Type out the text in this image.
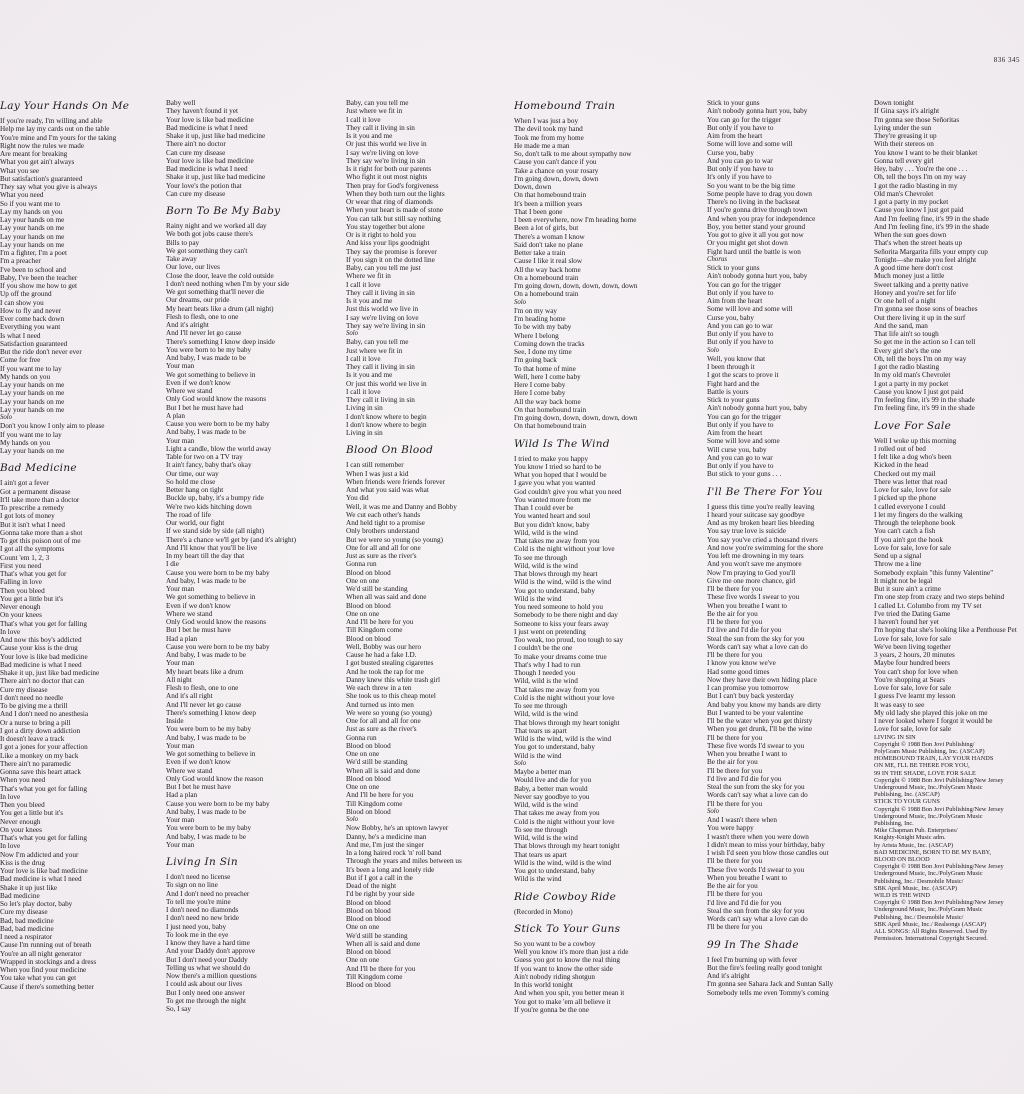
836 345
Lay Your Hands On Me
If you're ready, I'm willing and able
Help me lay my cards out on the table
You're mine and I'm yours for the taking
Right now the rules we made
Are meant for breaking
What you get ain't always
What you see
But satisfaction's guaranteed
They say what you give is always
What you need
So if you want me to
Lay my hands on you
Lay your hands on me
Lay your hands on me
Lay your hands on me
Lay your hands on me
I'm a fighter, I'm a poet
I'm a preacher
I've been to school and
Baby, I've been the teacher
If you show me how to get
Up off the ground
I can show you
How to fly and never
Ever come back down
Everything you want
Is what I need
Satisfaction guaranteed
But the ride don't never ever
Come for free
If you want me to lay
My hands on you
Lay your hands on me
Lay your hands on me
Lay your hands on me
Lay your hands on me
Solo
Don't you know I only aim to please
If you want me to lay
My hands on you
Lay your hands on me
Bad Medicine
I ain't got a fever
Got a permanent disease
It'll take more than a doctor
To prescribe a remedy
I got lots of money
But it isn't what I need
Gonna take more than a shot
To get this poison out of me
I got all the symptoms
Count 'em 1, 2, 3
First you need
That's what you get for
Falling in love
Then you bleed
You get a little but it's
Never enough
On your knees
That's what you get for falling
In love
And now this boy's addicted
Cause your kiss is the drug
Your love is like bad medicine
Bad medicine is what I need
Shake it up, just like bad medicine
There ain't no doctor that can
Cure my disease
I don't need no needle
To be giving me a thrill
And I don't need no anesthesia
Or a nurse to bring a pill
I got a dirty down addiction
It doesn't leave a track
I got a jones for your affection
Like a monkey on my back
There ain't no paramedic
Gonna save this heart attack
When you need
That's what you get for falling
In love
Then you bleed
You get a little but it's
Never enough
On your knees
That's what you get for falling
In love
Now I'm addicted and your
Kiss is the drug
Your love is like bad medicine
Bad medicine is what I need
Shake it up just like
Bad medicine
So let's play doctor, baby
Cure my disease
Bad, bad medicine
Bad, bad medicine
I need a respirator
Cause I'm running out of breath
You're an all night generator
Wrapped in stockings and a dress
When you find your medicine
You take what you can get
Cause if there's something better
Baby well
They haven't found it yet
Your love is like bad medicine
Bad medicine is what I need
Shake it up, just like bad medicine
There ain't no doctor
Can cure my disease
Your love is like bad medicine
Bad medicine is what I need
Shake it up, just like bad medicine
Your love's the potion that
Can cure my disease
Born To Be My Baby
Rainy night and we worked all day
We both got jobs cause there's
Bills to pay
We got something they can't
Take away
Our love, our lives
Close the door, leave the cold outside
I don't need nothing when I'm by your side
We got something that'll never die
Our dreams, our pride
My heart beats like a drum (all night)
Flesh to flesh, one to one
And it's alright
And I'll never let go cause
There's something I know deep inside
You were born to be my baby
And baby, I was made to be
Your man
We got something to believe in
Even if we don't know
Where we stand
Only God would know the reasons
But I bet he must have had
A plan
Cause you were born to be my baby
And baby, I was made to be
Your man
Light a candle, blow the world away
Table for two on a TV tray
It ain't fancy, baby that's okay
Our time, our way
So hold me close
Better hang on tight
Buckle up, baby, it's a bumpy ride
We're two kids hitching down
The road of life
Our world, our fight
If we stand side by side (all night)
There's a chance we'll get by (and it's alright)
And I'll know that you'll be live
In my heart till the day that
I die
Cause you were born to be my baby
And baby, I was made to be
Your man
We got something to believe in
Even if we don't know
Where we stand
Only God would know the reasons
But I bet he must have
Had a plan
Cause you were born to be my baby
And baby, I was made to be
Your man
My heart beats like a drum
All night
Flesh to flesh, one to one
And it's all right
And I'll never let go cause
There's something I know deep
Inside
You were born to be my baby
And baby, I was made to be
Your man
We got something to believe in
Even if we don't know
Where we stand
Only God would know the reason
But I bet he must have
Had a plan
Cause you were born to be my baby
And baby, I was made to be
Your man
You were born to be my baby
And baby, I was made to be
Your man
Living In Sin
I don't need no license
To sign on no line
And I don't need no preacher
To tell me you're mine
I don't need no diamonds
I don't need no new bride
I just need you, baby
To look me in the eye
I know they have a hard time
And your Daddy don't approve
But I don't need your Daddy
Telling us what we should do
Now there's a million questions
I could ask about our lives
But I only need one answer
To get me through the night
So, I say
Baby, can you tell me
Just where we fit in
I call it love
They call it living in sin
Is it you and me
Or just this world we live in
I say we're living on love
They say we're living in sin
Is it right for both our parents
Who fight it out most nights
Then pray for God's forgiveness
When they both turn out the lights
Or wear that ring of diamonds
When your heart is made of stone
You can talk but still say nothing
You stay together but alone
Or is it right to hold you
And kiss your lips goodnight
They say the promise is forever
If you sign it on the dotted line
Baby, can you tell me just
Where we fit in
I call it love
They call it living in sin
Is it you and me
Just this world we live in
I say we're living on love
They say we're living in sin
Solo
Baby, can you tell me
Just where we fit in
I call it love
They call it living in sin
Is it you and me
Or just this world we live in
I call it love
They call it living in sin
Living in sin
I don't know where to begin
I don't know where to begin
Living in sin
Blood On Blood
I can still remember
When I was just a kid
When friends were friends forever
And what you said was what
You did
Well, it was me and Danny and Bobby
We cut each other's hands
And held tight to a promise
Only brothers understand
But we were so young (so young)
One for all and all for one
Just as sure as the river's
Gonna run
Blood on blood
One on one
We'd still be standing
When all was said and done
Blood on blood
One on one
And I'll be here for you
Till Kingdom come
Blood on blood
Well, Bobby was our hero
Cause he had a fake I.D.
I got busted stealing cigarettes
And he took the rap for me
Danny knew this white trash girl
We each threw in a ten
She took us to this cheap motel
And turned us into men
We were so young (so young)
One for all and all for one
Just as sure as the river's
Gonna run
Blood on blood
One on one
We'd still be standing
When all is said and done
Blood on blood
One on one
And I'll be here for you
Till Kingdom come
Blood on blood
Solo
Now Bobby, he's an uptown lawyer
Danny, he's a medicine man
And me, I'm just the singer
In a long haired rock 'n' roll band
Through the years and miles between us
It's been a long and lonely ride
But if I got a call in the
Dead of the night
I'd be right by your side
Blood on blood
Blood on blood
Blood on blood
One on one
We'd still be standing
When all is said and done
Blood on blood
One on one
And I'll be there for you
Till Kingdom come
Blood on blood
Homebound Train
When I was just a boy
The devil took my hand
Took me from my home
He made me a man
So, don't talk to me about sympathy now
Cause you can't dance if you
Take a chance on your rosary
I'm going down, down, down
Down, down
On that homebound train
It's been a million years
That I been gone
I been everywhere, now I'm heading home
Been a lot of girls, but
There's a woman I know
Said don't take no plane
Better take a train
Cause I like it real slow
All the way back home
On a homebound train
I'm going down, down, down, down, down
On a homebound train
Solo
I'm on my way
I'm heading home
To be with my baby
Where I belong
Coming down the tracks
See, I done my time
I'm going back
To that home of mine
Well, here I come baby
Here I come baby
Here I come baby
All the way back home
On that homebound train
I'm going down, down, down, down, down
On that homebound train
Wild Is The Wind
I tried to make you happy
You know I tried so hard to be
What you hoped that I would be
I gave you what you wanted
God couldn't give you what you need
You wanted more from me
Than I could ever be
You wanted heart and soul
But you didn't know, baby
Wild, wild is the wind
That takes me away from you
Cold is the night without your love
To see me through
Wild, wild is the wind
That blows through my heart
Wild is the wind, wild is the wind
You got to understand, baby
Wild is the wind
You need someone to hold you
Somebody to be there night and day
Someone to kiss your fears away
I just went on pretending
Too weak, too proud, too tough to say
I couldn't be the one
To make your dreams come true
That's why I had to run
Though I needed you
Wild, wild is the wind
That takes me away from you
Cold is the night without your love
To see me through
Wild, wild is the wind
That blows through my heart tonight
That tears us apart
Wild is the wind, wild is the wind
You got to understand, baby
Wild is the wind
Solo
Maybe a better man
Would live and die for you
Baby, a better man would
Never say goodbye to you
Wild, wild is the wind
That takes me away from you
Cold is the night without your love
To see me through
Wild, wild is the wind
That blows through my heart tonight
That tears us apart
Wild is the wind, wild is the wind
You got to understand, baby
Wild is the wind
Ride Cowboy Ride
(Recorded in Mono)
Stick To Your Guns
So you want to be a cowboy
Well you know it's more than just a ride
Guess you got to know the real thing
If you want to know the other side
Ain't nobody riding shotgun
In this world tonight
And when you spit, you better mean it
You got to make 'em all believe it
If you're gonna be the one
Stick to your guns
Ain't nobody gonna hurt you, baby
You can go for the trigger
But only if you have to
Aim from the heart
Some will love and some will
Curse you, baby
And you can go to war
But only if you have to
It's only if you have to
So you want to be the big time
Some people have to drag you down
There's no living in the backseat
If you're gonna drive through town
And when you pray for independence
Boy, you better stand your ground
You got to give it all you got now
Or you might get shot down
Fight hard until the battle is won
Chorus
Stick to your guns
Ain't nobody gonna hurt you, baby
You can go for the trigger
But only if you have to
Aim from the heart
Some will love and some will
Curse you, baby
And you can go to war
But only if you have to
But only if you have to
Solo
Well, you know that
I been through it
I got the scars to prove it
Fight hard and the
Battle is yours
Stick to your guns
Ain't nobody gonna hurt you, baby
You can go for the trigger
But only if you have to
Aim from the heart
Some will love and some
Will curse you, baby
And you can go to war
But only if you have to
But stick to your guns . . .
I'll Be There For You
I guess this time you're really leaving
I heard your suitcase say goodbye
And as my broken heart lies bleeding
You say true love is suicide
You say you've cried a thousand rivers
And now you're swimming for the shore
You left me drowning in my tears
And you won't save me anymore
Now I'm praying to God you'll
Give me one more chance, girl
I'll be there for you
These five words I swear to you
When you breathe I want to
Be the air for you
I'll be there for you
I'd live and I'd die for you
Steal the sun from the sky for you
Words can't say what a love can do
I'll be there for you
I know you know we've
Had some good times
Now they have their own hiding place
I can promise you tomorrow
But I can't buy back yesterday
And baby you know my hands are dirty
But I wanted to be your valentine
I'll be the water when you get thirsty
When you get drunk, I'll be the wine
I'll be there for you
These five words I'd swear to you
When you breathe I want to
Be the air for you
I'll be there for you
I'd live and I'd die for you
Steal the sun from the sky for you
Words can't say what a love can do
I'll be there for you
Solo
And I wasn't there when
You were happy
I wasn't there when you were down
I didn't mean to miss your birthday, baby
I wish I'd seen you blow those candles out
I'll be there for you
These five words I'd swear to you
When you breathe I want to
Be the air for you
I'll be there for you
I'd live and I'd die for you
Steal the sun from the sky for you
Words can't say what a love can do
I'll be there for you
99 In The Shade
I feel I'm burning up with fever
But the fire's feeling really good tonight
And it's alright
I'm gonna see Sahara Jack and Suntan Sally
Somebody tells me even Tommy's coming
Down tonight
If Gina says it's alright
I'm gonna see those Señoritas
Lying under the sun
They're greasing it up
With their stereos on
You know I want to be their blanket
Gonna tell every girl
Hey, baby . . . You're the one . . .
Oh, tell the boys I'm on my way
I got the radio blasting in my
Old man's Chevrolet
I got a party in my pocket
Cause you know I just got paid
And I'm feeling fine, it's 99 in the shade
And I'm feeling fine, it's 99 in the shade
When the sun goes down
That's when the street heats up
Señorita Margarita fills your empty cup
Tonight—she make you feel alright
A good time here don't cost
Much money just a little
Sweet talking and a pretty native
Honey and you're set for life
Or one hell of a night
I'm gonna see those sons of beaches
Out there living it up in the surf
And the sand, man
That life ain't so tough
So get me in the action so I can tell
Every girl she's the one
Oh, tell the boys I'm on my way
I got the radio blasting
In my old man's Chevrolet
I got a party in my pocket
Cause you know I just got paid
I'm feeling fine, it's 99 in the shade
I'm feeling fine, it's 99 in the shade
Love For Sale
Well I woke up this morning
I rolled out of bed
I felt like a dog who's been
Kicked in the head
Checked out my mail
There was letter that read
Love for sale, love for sale
I picked up the phone
I called everyone I could
I let my fingers do the walking
Through the telephone book
You can't catch a fish
If you ain't got the hook
Love for sale, love for sale
Send up a signal
Throw me a line
Somebody explain "this funny Valentine"
It might not be legal
But it sure ain't a crime
I'm one step from crazy and two steps behind
I called Lt. Columbo from my TV set
I've tried the Dating Game
I haven't found her yet
I'm hoping that she's looking like a Penthouse Pet
Love for sale, love for sale
We've been living together
3 years, 2 hours, 20 minutes
Maybe four hundred beers
You can't shop for love when
You're shopping at Sears
Love for sale, love for sale
I guess I've learnt my lesson
It was easy to see
My old lady she played this joke on me
I never looked where I forgot it would be
Love for sale, love for sale
LIVING IN SIN
Copyright © 1988 Bon Jovi Publishing/
PolyGram Music Publishing, Inc. (ASCAP)
HOMEBOUND TRAIN, LAY YOUR HANDS
ON ME, I'LL BE THERE FOR YOU,
99 IN THE SHADE, LOVE FOR SALE
Copyright © 1988 Bon Jovi Publishing/New Jersey
Underground Music, Inc./PolyGram Music
Publishing, Inc. (ASCAP)
STICK TO YOUR GUNS
Copyright © 1988 Bon Jovi Publishing/New Jersey
Underground Music, Inc./PolyGram Music
Publishing, Inc.
Mike Chapman Pub. Enterprises/
Knighty-Knight Music adm.
by Arista Music, Inc. (ASCAP)
BAD MEDICINE, BORN TO BE MY BABY,
BLOOD ON BLOOD
Copyright © 1988 Bon Jovi Publishing/New Jersey
Underground Music, Inc./PolyGram Music
Publishing, Inc./ Desmobile Music/
SBK April Music, Inc. (ASCAP)
WILD IS THE WIND
Copyright © 1988 Bon Jovi Publishing/New Jersey
Underground Music, Inc./PolyGram Music
Publishing, Inc./ Desmobile Music/
SBK April Music, Inc./ Realsongs (ASCAP)
ALL SONGS: All Rights Reserved. Used By
Permission. International Copyright Secured.
